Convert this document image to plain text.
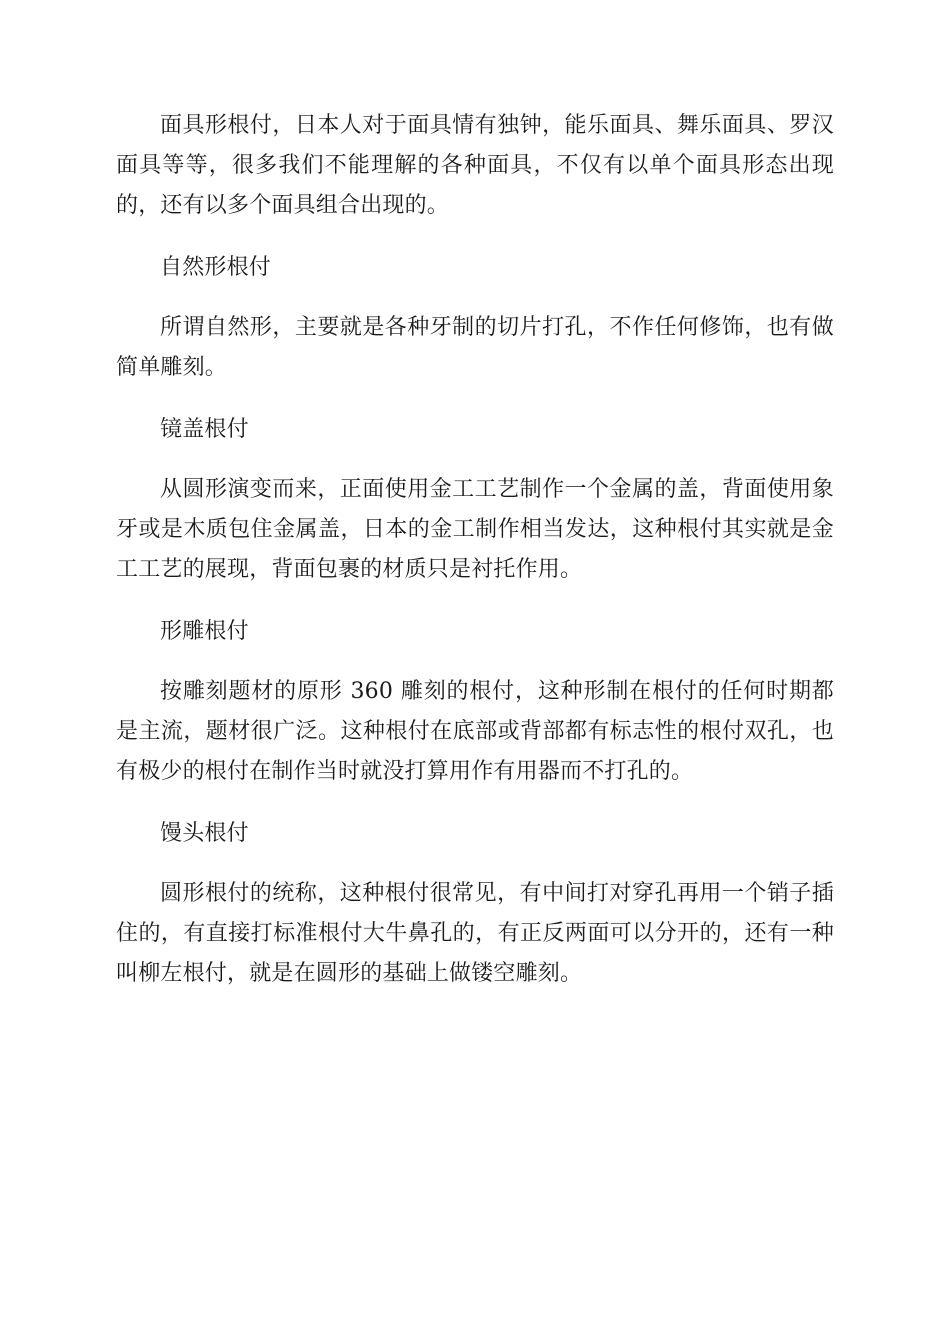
面具形根付，日本人对于面具情有独钟，能乐面具、舞乐面具、罗汉面具等等，很多我们不能理解的各种面具，不仅有以单个面具形态出现的，还有以多个面具组合出现的。

自然形根付

所谓自然形，主要就是各种牙制的切片打孔，不作任何修饰，也有做简单雕刻。

镜盖根付

从圆形演变而来，正面使用金工工艺制作一个金属的盖，背面使用象牙或是木质包住金属盖，日本的金工制作相当发达，这种根付其实就是金工工艺的展现，背面包裹的材质只是衬托作用。

形雕根付

按雕刻题材的原形 360 雕刻的根付，这种形制在根付的任何时期都是主流，题材很广泛。这种根付在底部或背部都有标志性的根付双孔，也有极少的根付在制作当时就没打算用作有用器而不打孔的。

馒头根付

圆形根付的统称，这种根付很常见，有中间打对穿孔再用一个销子插住的，有直接打标准根付大牛鼻孔的，有正反两面可以分开的，还有一种叫柳左根付，就是在圆形的基础上做镂空雕刻。
